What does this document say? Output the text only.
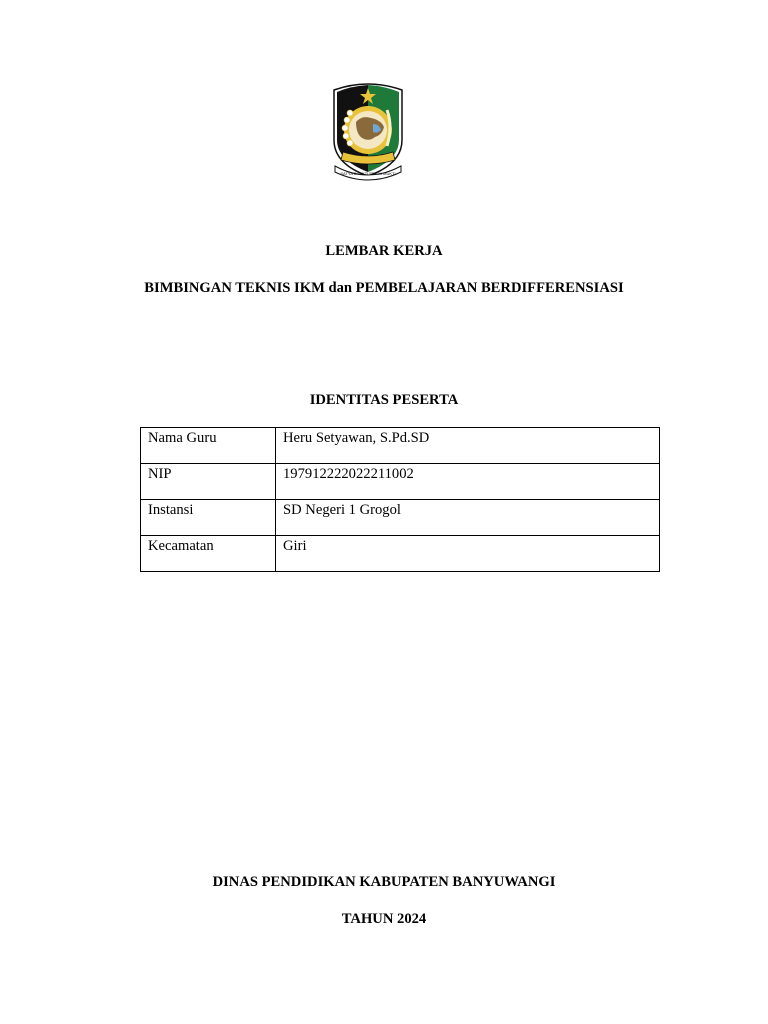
SATYA BHAKTI PRAJA MUKTI
LEMBAR KERJA
BIMBINGAN TEKNIS IKM dan PEMBELAJARAN BERDIFFERENSIASI
IDENTITAS PESERTA
Nama Guru	Heru Setyawan, S.Pd.SD

NIP	197912222022211002

Instansi	SD Negeri 1 Grogol

Kecamatan	Giri
DINAS PENDIDIKAN KABUPATEN BANYUWANGI
TAHUN 2024
